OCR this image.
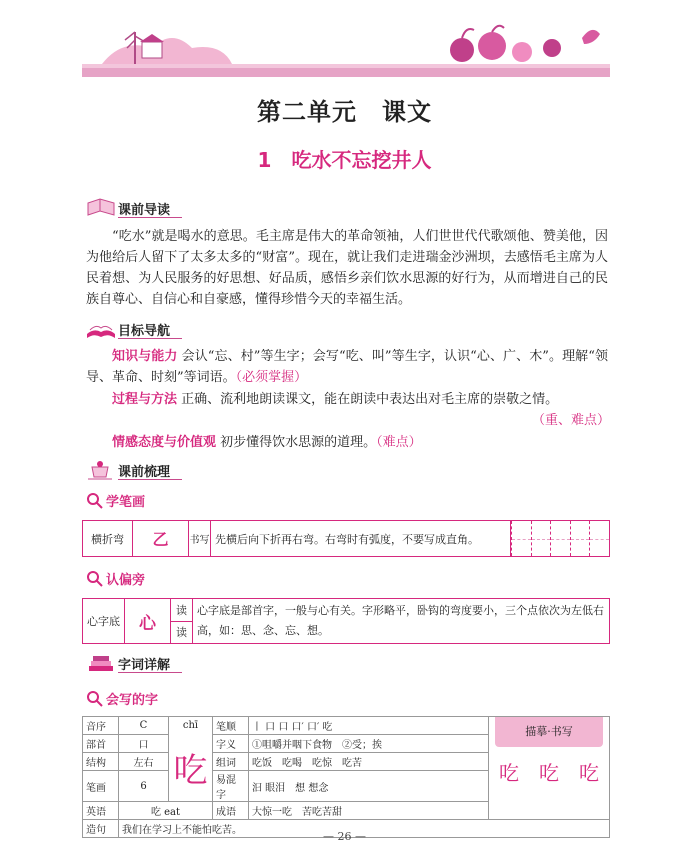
第二单元　课文
1　吃水不忘挖井人
课前导读

“吃水”就是喝水的意思。毛主席是伟大的革命领袖，人们世世代代歌颂他、赞美他，因为他给后人留下了太多太多的“财富”。现在，就让我们走进瑞金沙洲坝，去感悟毛主席为人民着想、为人民服务的好思想、好品质，感悟乡亲们饮水思源的好行为，从而增进自己的民族自尊心、自信心和自豪感，懂得珍惜今天的幸福生活。

目标导航
知识与能力 会认“忘、村”等生字；会写“吃、叫”等生字，认识“心、广、木”。理解“领导、革命、时刻”等词语。（必须掌握）
过程与方法 正确、流利地朗读课文，能在朗读中表达出对毛主席的崇敬之情。
（重、难点）
情感态度与价值观 初步懂得饮水思源的道理。（难点）
课前梳理
学笔画
横折弯	乙	书写	先横后向下折再右弯。右弯时有弧度，不要写成直角。	
认偏旁
心字底	心	读	心字底是部首字，一般与心有关。字形略平，卧钩的弯度要小，三个点依次为左低右高，如：思、念、忘、想。
读
字词详解
会写的字
音序	C	chī	笔顺	丨 口 口 口′ 口′ 吃	描摹·书写
吃 吃 吃

部首	口	吃	字义	①咀嚼并咽下食物　②受；挨	
结构	左右		组词	吃饭　吃喝　吃惊　吃苦	
笔画	6		易混字	汩 眼泪　想 想念	
英语	吃 eat		成语	大惊一吃　苦吃苦甜	
造句	我们在学习上不能怕吃苦。					— 26 —
